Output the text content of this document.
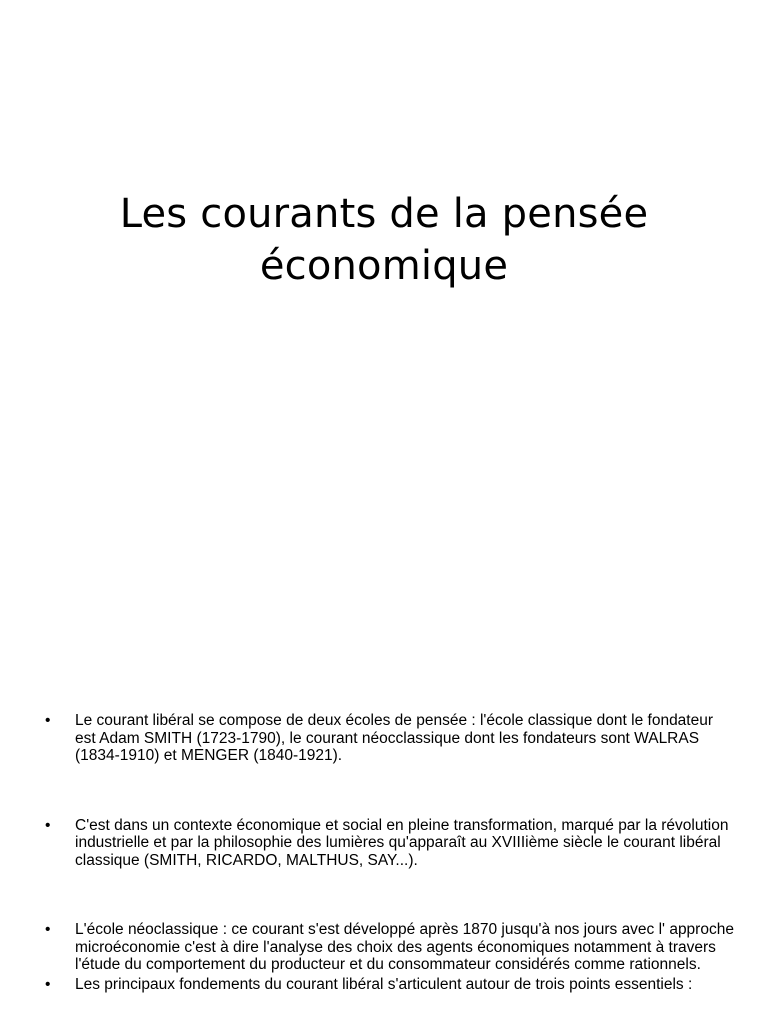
Les courants de la pensée
économique
• Le courant libéral se compose de deux écoles de pensée : l'école classique dont le fondateur est Adam SMITH (1723-1790), le courant néocclassique dont les fondateurs sont WALRAS (1834-1910) et MENGER (1840-1921).
• C'est dans un contexte économique et social en pleine transformation, marqué par la révolution industrielle et par la philosophie des lumières qu'apparaît au XVIIIième siècle le courant libéral classique (SMITH, RICARDO, MALTHUS, SAY...).
• L'école néoclassique : ce courant s'est développé après 1870 jusqu'à nos jours avec l' approche microéconomie c'est à dire l'analyse des choix des agents économiques notamment à travers l'étude du comportement du producteur et du consommateur considérés comme rationnels.
• Les principaux fondements du courant libéral s'articulent autour de trois points essentiels :
